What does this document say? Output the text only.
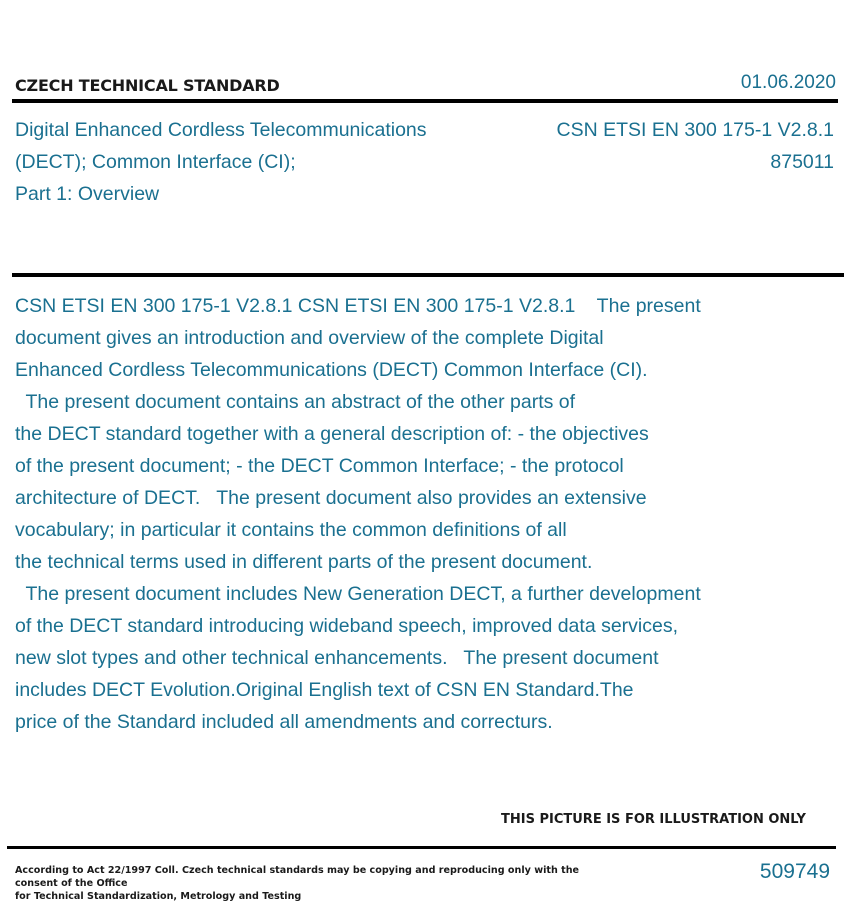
CZECH TECHNICAL STANDARD	01.06.2020
Digital Enhanced Cordless Telecommunications
(DECT); Common Interface (CI);
Part 1: Overview
CSN ETSI EN 300 175-1 V2.8.1
875011
CSN ETSI EN 300 175-1 V2.8.1 CSN ETSI EN 300 175-1 V2.8.1    The present
document gives an introduction and overview of the complete Digital
Enhanced Cordless Telecommunications (DECT) Common Interface (CI).
The present document contains an abstract of the other parts of
the DECT standard together with a general description of: - the objectives
of the present document; - the DECT Common Interface; - the protocol
architecture of DECT.   The present document also provides an extensive
vocabulary; in particular it contains the common definitions of all
the technical terms used in different parts of the present document.
The present document includes New Generation DECT, a further development
of the DECT standard introducing wideband speech, improved data services,
new slot types and other technical enhancements.   The present document
includes DECT Evolution.Original English text of CSN EN Standard.The
price of the Standard included all amendments and correcturs.
THIS PICTURE IS FOR ILLUSTRATION ONLY
According to Act 22/1997 Coll. Czech technical standards may be copying and reproducing only with the consent of the Office
for Technical Standardization, Metrology and Testing
509749
